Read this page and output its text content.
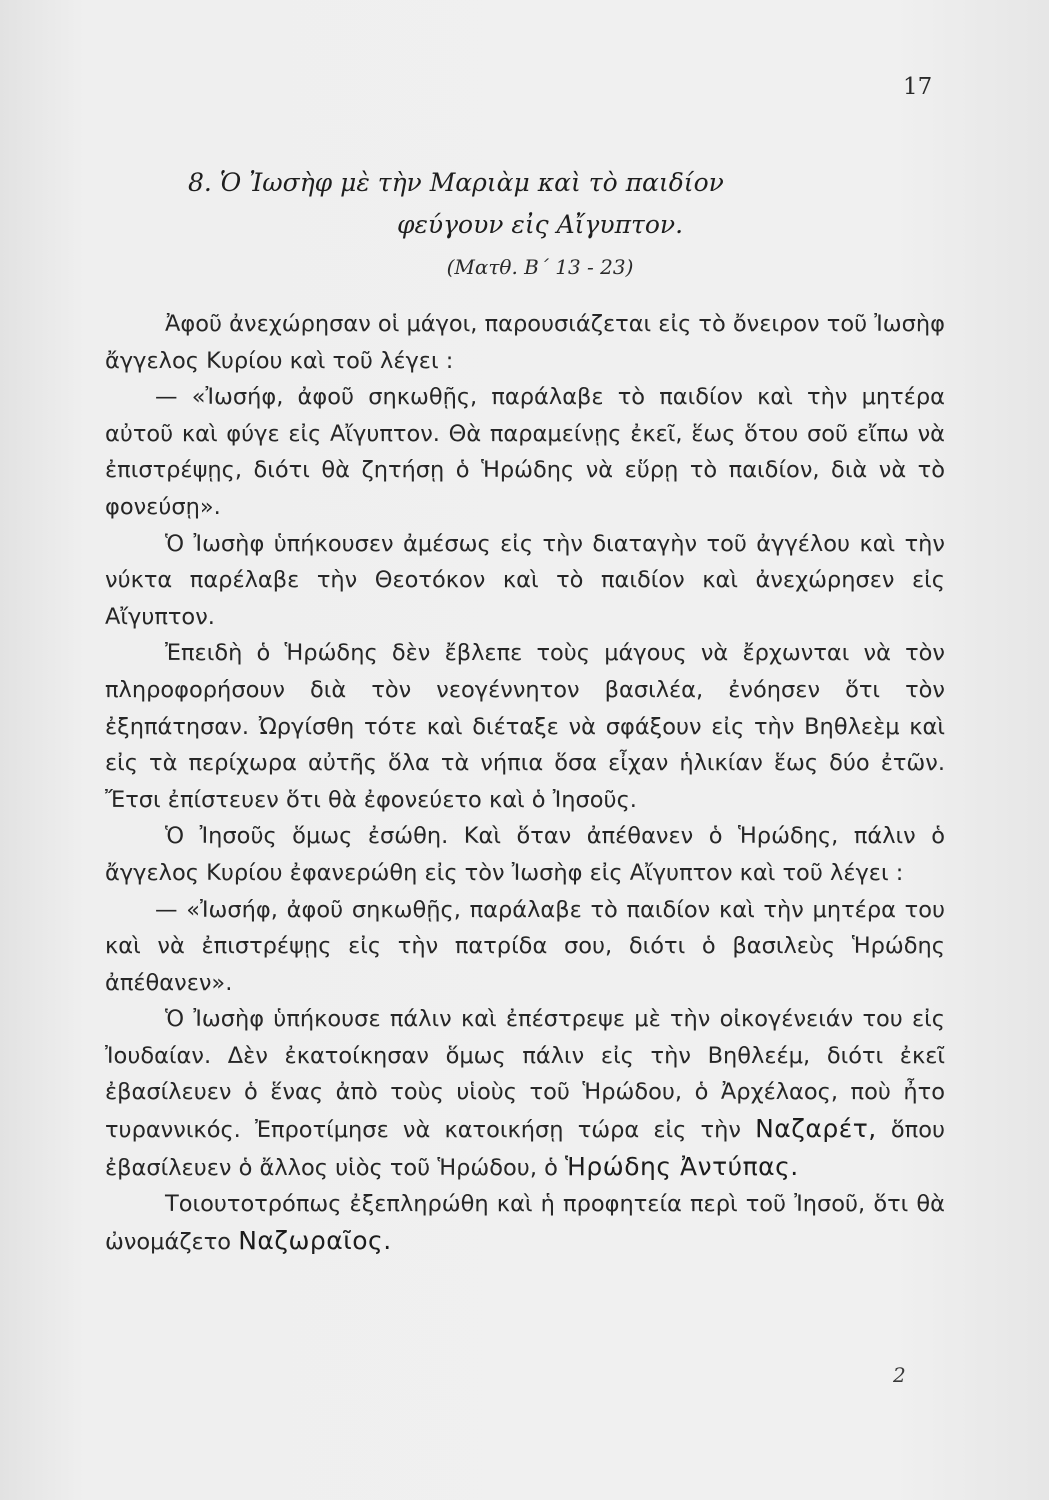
17
8. Ὁ Ἰωσὴφ μὲ τὴν Μαριὰμ καὶ τὸ παιδίον
φεύγουν εἰς Αἴγυπτον.
(Ματθ. Β΄ 13 - 23)

Ἀφοῦ ἀνεχώρησαν οἱ μάγοι, παρουσιάζεται εἰς τὸ ὄνειρον τοῦ Ἰωσὴφ ἄγγελος Κυρίου καὶ τοῦ λέγει :

— «Ἰωσήφ, ἀφοῦ σηκωθῇς, παράλαβε τὸ παιδίον καὶ τὴν μητέρα αὐτοῦ καὶ φύγε εἰς Αἴγυπτον. Θὰ παραμείνῃς ἐκεῖ, ἕως ὅτου σοῦ εἴπω νὰ ἐπιστρέψῃς, διότι θὰ ζητήσῃ ὁ Ἡρώδης νὰ εὕρῃ τὸ παιδίον, διὰ νὰ τὸ φονεύσῃ».

Ὁ Ἰωσὴφ ὑπήκουσεν ἀμέσως εἰς τὴν διαταγὴν τοῦ ἀγγέλου καὶ τὴν νύκτα παρέλαβε τὴν Θεοτόκον καὶ τὸ παιδίον καὶ ἀνεχώρησεν εἰς Αἴγυπτον.

Ἐπειδὴ ὁ Ἡρώδης δὲν ἔβλεπε τοὺς μάγους νὰ ἔρχωνται νὰ τὸν πληροφορήσουν διὰ τὸν νεογέννητον βασιλέα, ἐνόησεν ὅτι τὸν ἐξηπάτησαν. Ὠργίσθη τότε καὶ διέταξε νὰ σφάξουν εἰς τὴν Βηθλεὲμ καὶ εἰς τὰ περίχωρα αὐτῆς ὅλα τὰ νήπια ὅσα εἶχαν ἡλικίαν ἕως δύο ἐτῶν. Ἔτσι ἐπίστευεν ὅτι θὰ ἐφονεύετο καὶ ὁ Ἰησοῦς.

Ὁ Ἰησοῦς ὅμως ἐσώθη. Καὶ ὅταν ἀπέθανεν ὁ Ἡρώδης, πάλιν ὁ ἄγγελος Κυρίου ἐφανερώθη εἰς τὸν Ἰωσὴφ εἰς Αἴγυπτον καὶ τοῦ λέγει :

— «Ἰωσήφ, ἀφοῦ σηκωθῇς, παράλαβε τὸ παιδίον καὶ τὴν μητέρα του καὶ νὰ ἐπιστρέψῃς εἰς τὴν πατρίδα σου, διότι ὁ βασιλεὺς Ἡρώδης ἀπέθανεν».

Ὁ Ἰωσὴφ ὑπήκουσε πάλιν καὶ ἐπέστρεψε μὲ τὴν οἰκογένειάν του εἰς Ἰουδαίαν. Δὲν ἐκατοίκησαν ὅμως πάλιν εἰς τὴν Βηθλεέμ, διότι ἐκεῖ ἐβασίλευεν ὁ ἕνας ἀπὸ τοὺς υἱοὺς τοῦ Ἡρώδου, ὁ Ἀρχέλαος, ποὺ ἦτο τυραννικός. Ἐπροτίμησε νὰ κατοικήσῃ τώρα εἰς τὴν Ναζαρέτ, ὅπου ἐβασίλευεν ὁ ἄλλος υἱὸς τοῦ Ἡρώδου, ὁ Ἡρώδης Ἀντύπας.

Τοιουτοτρόπως ἐξεπληρώθη καὶ ἡ προφητεία περὶ τοῦ Ἰησοῦ, ὅτι θὰ ὠνομάζετο Ναζωραῖος.

2
